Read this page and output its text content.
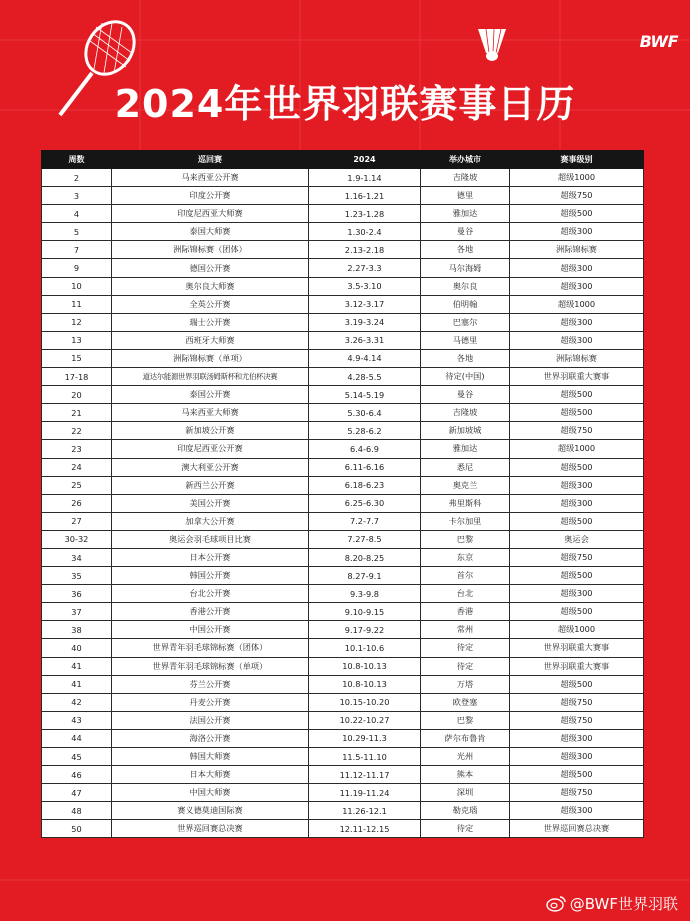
BWF
2024年世界羽联赛事日历
周数	巡回赛	2024	举办城市	赛事级别
2	马来西亚公开赛	1.9-1.14	吉隆坡	超级1000
3	印度公开赛	1.16-1.21	德里	超级750
4	印度尼西亚大师赛	1.23-1.28	雅加达	超级500
5	泰国大师赛	1.30-2.4	曼谷	超级300
7	洲际锦标赛（团体）	2.13-2.18	各地	洲际锦标赛
9	德国公开赛	2.27-3.3	马尔海姆	超级300
10	奥尔良大师赛	3.5-3.10	奥尔良	超级300
11	全英公开赛	3.12-3.17	伯明翰	超级1000
12	瑞士公开赛	3.19-3.24	巴塞尔	超级300
13	西班牙大师赛	3.26-3.31	马德里	超级300
15	洲际锦标赛（单项）	4.9-4.14	各地	洲际锦标赛
17-18	道达尔能源世界羽联汤姆斯杯和尤伯杯决赛	4.28-5.5	待定(中国)	世界羽联重大赛事
20	泰国公开赛	5.14-5.19	曼谷	超级500
21	马来西亚大师赛	5.30-6.4	吉隆坡	超级500
22	新加坡公开赛	5.28-6.2	新加坡城	超级750
23	印度尼西亚公开赛	6.4-6.9	雅加达	超级1000
24	澳大利亚公开赛	6.11-6.16	悉尼	超级500
25	新西兰公开赛	6.18-6.23	奥克兰	超级300
26	美国公开赛	6.25-6.30	弗里斯科	超级300
27	加拿大公开赛	7.2-7.7	卡尔加里	超级500
30-32	奥运会羽毛球项目比赛	7.27-8.5	巴黎	奥运会
34	日本公开赛	8.20-8.25	东京	超级750
35	韩国公开赛	8.27-9.1	首尔	超级500
36	台北公开赛	9.3-9.8	台北	超级300
37	香港公开赛	9.10-9.15	香港	超级500
38	中国公开赛	9.17-9.22	常州	超级1000
40	世界青年羽毛球锦标赛（团体）	10.1-10.6	待定	世界羽联重大赛事
41	世界青年羽毛球锦标赛（单项）	10.8-10.13	待定	世界羽联重大赛事
41	芬兰公开赛	10.8-10.13	万塔	超级500
42	丹麦公开赛	10.15-10.20	欧登塞	超级750
43	法国公开赛	10.22-10.27	巴黎	超级750
44	海洛公开赛	10.29-11.3	萨尔布鲁肯	超级300
45	韩国大师赛	11.5-11.10	光州	超级300
46	日本大师赛	11.12-11.17	熊本	超级500
47	中国大师赛	11.19-11.24	深圳	超级750
48	赛义德莫迪国际赛	11.26-12.1	勒克瑙	超级300
50	世界巡回赛总决赛	12.11-12.15	待定	世界巡回赛总决赛
@BWF世界羽联
